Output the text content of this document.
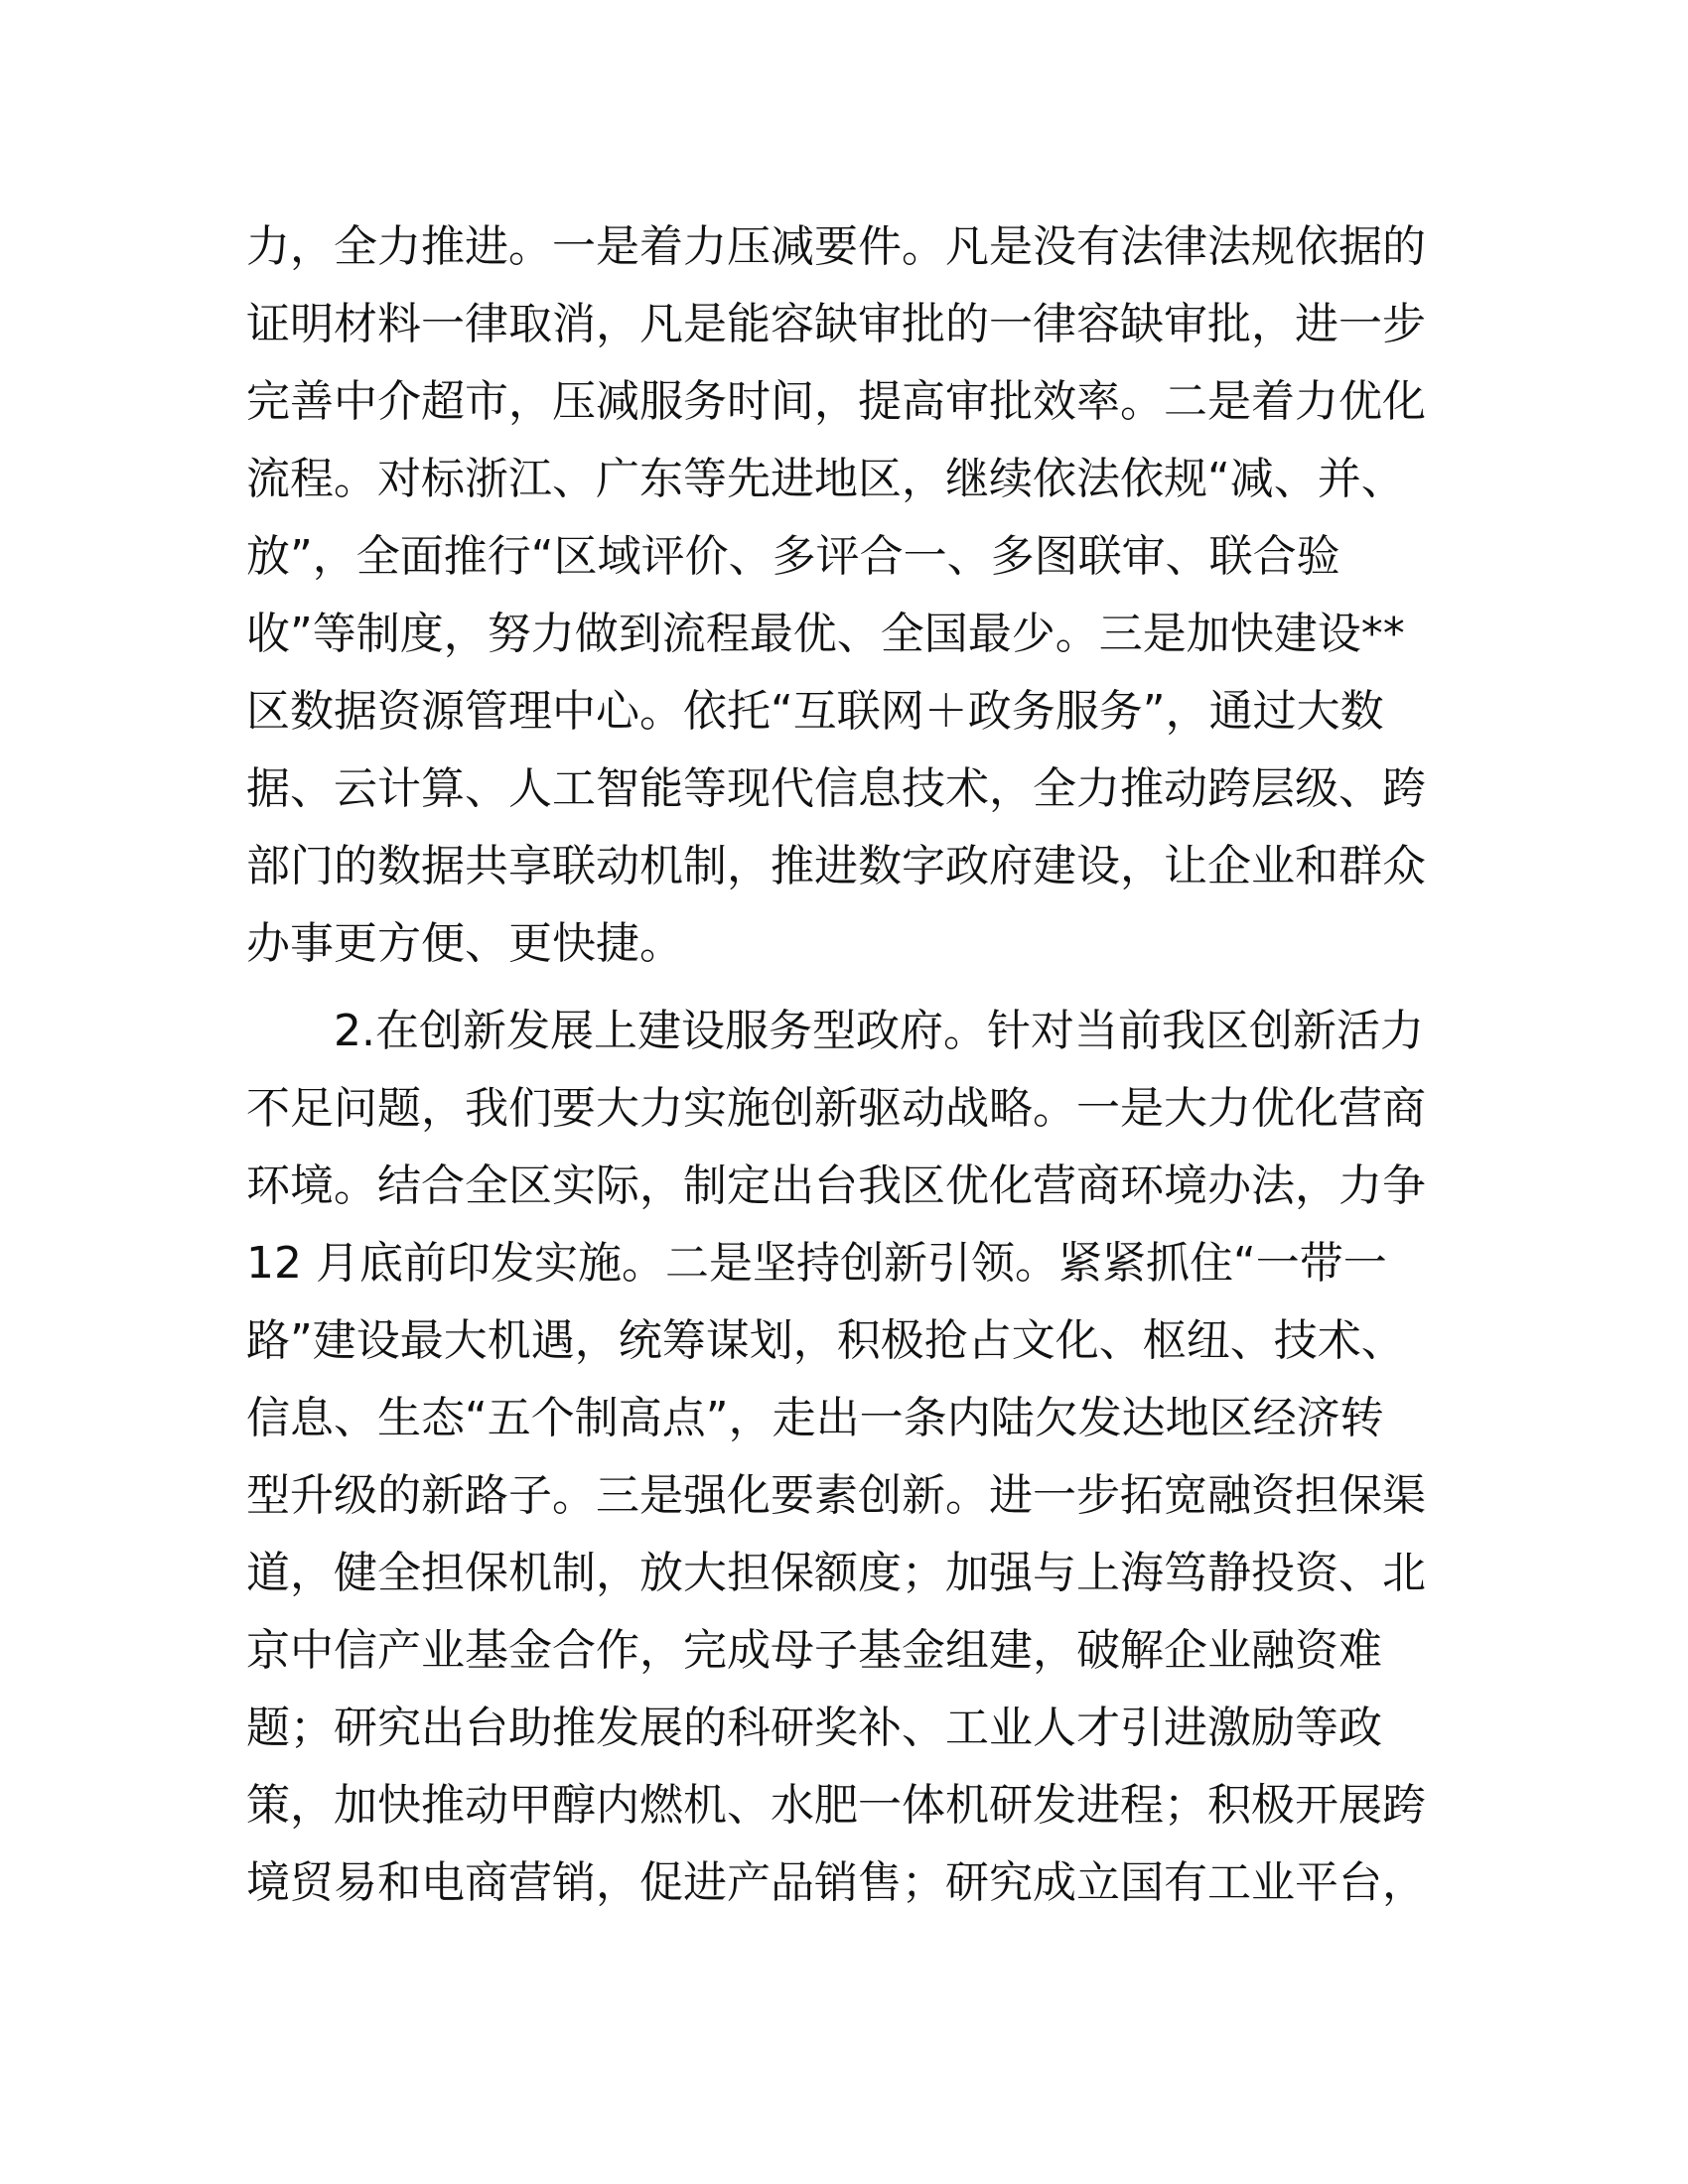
力，全力推进。一是着力压减要件。凡是没有法律法规依据的
证明材料一律取消，凡是能容缺审批的一律容缺审批，进一步
完善中介超市，压减服务时间，提高审批效率。二是着力优化
流程。对标浙江、广东等先进地区，继续依法依规“减、并、
放”，全面推行“区域评价、多评合一、多图联审、联合验
收”等制度，努力做到流程最优、全国最少。三是加快建设**
区数据资源管理中心。依托“互联网＋政务服务”，通过大数
据、云计算、人工智能等现代信息技术，全力推动跨层级、跨
部门的数据共享联动机制，推进数字政府建设，让企业和群众
办事更方便、更快捷。
2.在创新发展上建设服务型政府。针对当前我区创新活力
不足问题，我们要大力实施创新驱动战略。一是大力优化营商
环境。结合全区实际，制定出台我区优化营商环境办法，力争
12 月底前印发实施。二是坚持创新引领。紧紧抓住“一带一
路”建设最大机遇，统筹谋划，积极抢占文化、枢纽、技术、
信息、生态“五个制高点”，走出一条内陆欠发达地区经济转
型升级的新路子。三是强化要素创新。进一步拓宽融资担保渠
道，健全担保机制，放大担保额度；加强与上海笃静投资、北
京中信产业基金合作，完成母子基金组建，破解企业融资难
题；研究出台助推发展的科研奖补、工业人才引进激励等政
策，加快推动甲醇内燃机、水肥一体机研发进程；积极开展跨
境贸易和电商营销，促进产品销售；研究成立国有工业平台，
